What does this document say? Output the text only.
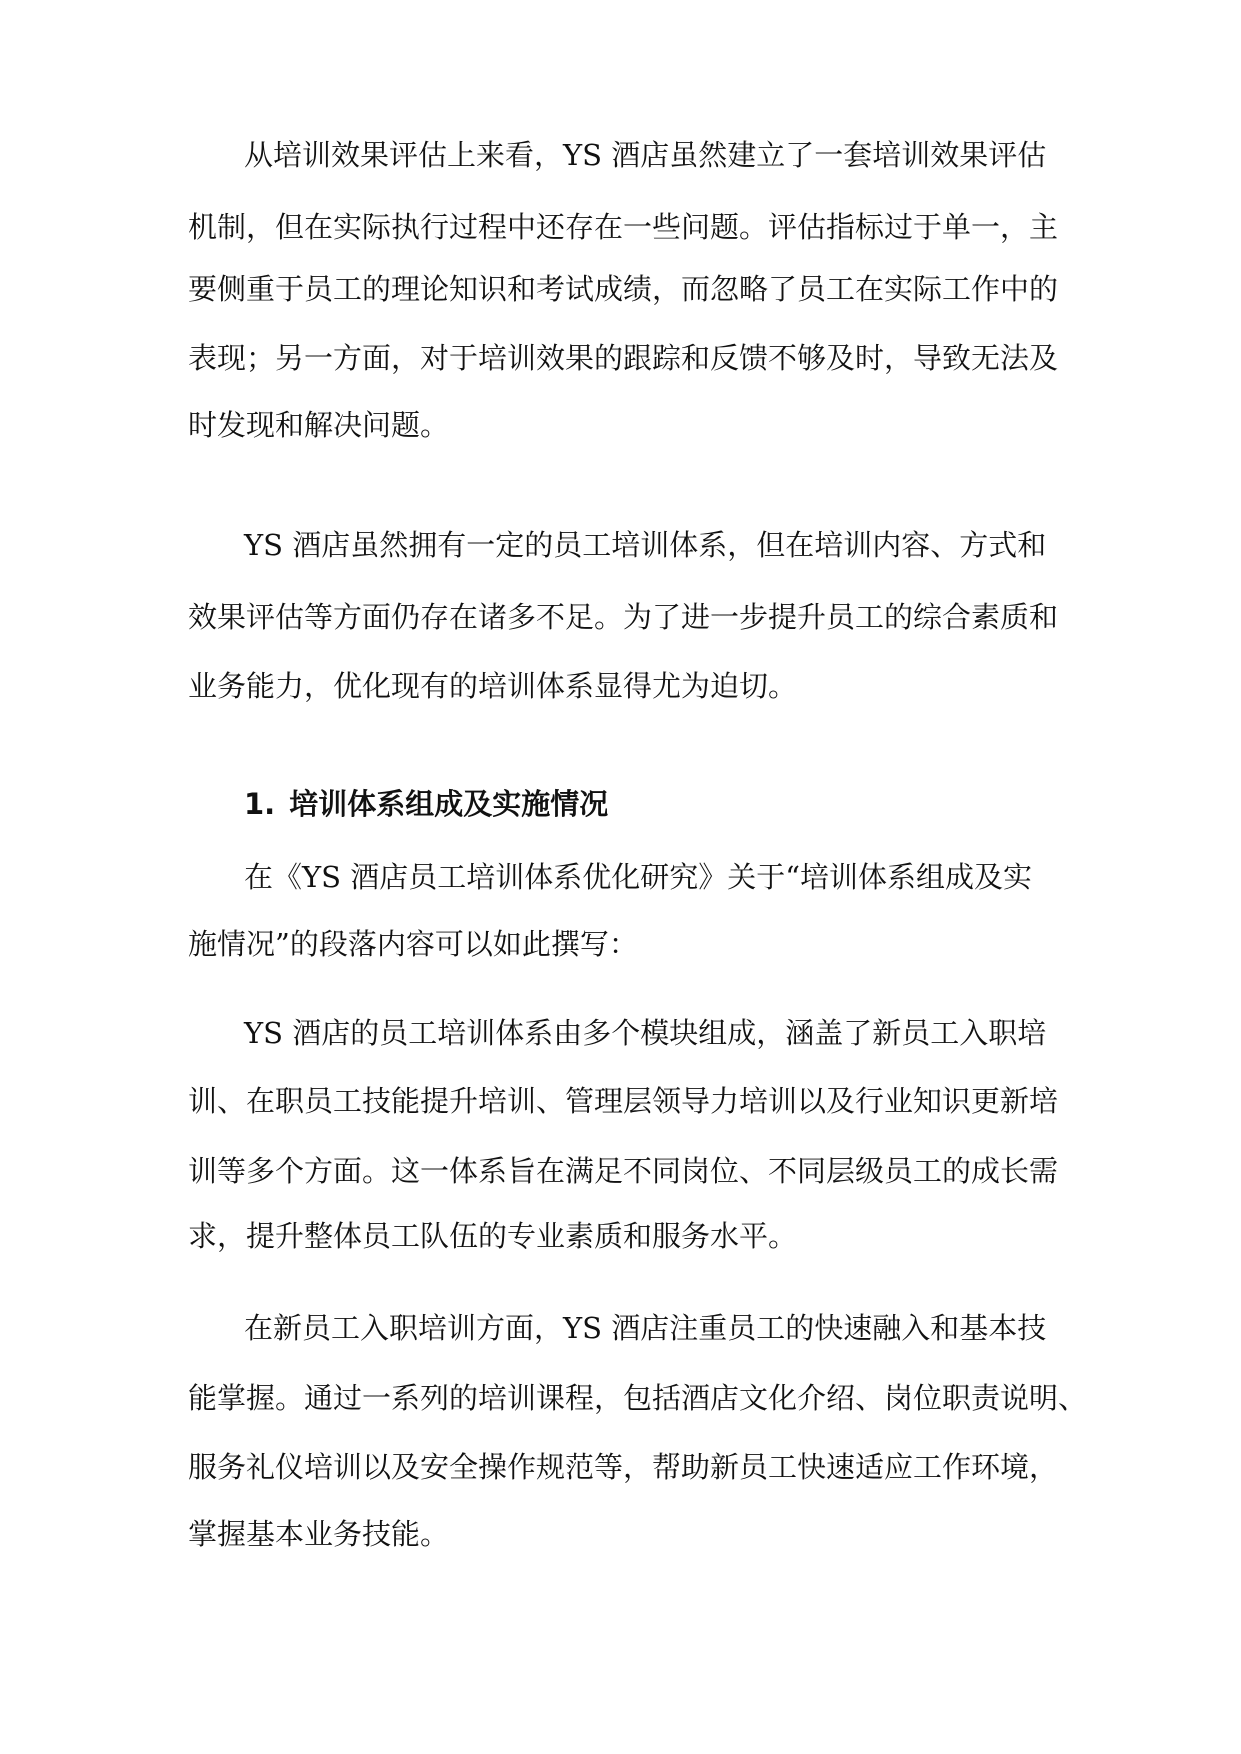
从培训效果评估上来看，YS 酒店虽然建立了一套培训效果评估
机制，但在实际执行过程中还存在一些问题。评估指标过于单一，主
要侧重于员工的理论知识和考试成绩，而忽略了员工在实际工作中的
表现；另一方面，对于培训效果的跟踪和反馈不够及时，导致无法及
时发现和解决问题。
YS 酒店虽然拥有一定的员工培训体系，但在培训内容、方式和
效果评估等方面仍存在诸多不足。为了进一步提升员工的综合素质和
业务能力，优化现有的培训体系显得尤为迫切。
1. 培训体系组成及实施情况
在《YS 酒店员工培训体系优化研究》关于“培训体系组成及实
施情况”的段落内容可以如此撰写：
YS 酒店的员工培训体系由多个模块组成，涵盖了新员工入职培
训、在职员工技能提升培训、管理层领导力培训以及行业知识更新培
训等多个方面。这一体系旨在满足不同岗位、不同层级员工的成长需
求，提升整体员工队伍的专业素质和服务水平。
在新员工入职培训方面，YS 酒店注重员工的快速融入和基本技
能掌握。通过一系列的培训课程，包括酒店文化介绍、岗位职责说明、
服务礼仪培训以及安全操作规范等，帮助新员工快速适应工作环境，
掌握基本业务技能。
